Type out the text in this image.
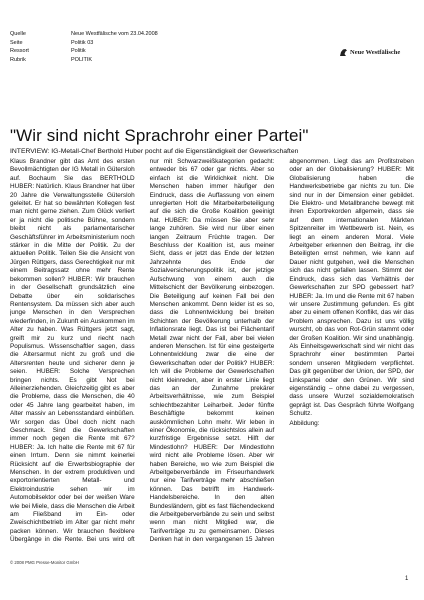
Quelle	Neue Westfälische vom 23.04.2008
Seite	Politik 03
Ressort	Politik
Rubrik	POLITIK
Neue Westfälische
"Wir sind nicht Sprachrohr einer Partei"

INTERVIEW: IG-Metall-Chef Berthold Huber pocht auf die Eigenständigkeit der Gewerkschaften

Klaus Brandner gibt das Amt des ersten Bevollmächtigten der IG Metall in Gütersloh auf. Bochaum Sie das BERTHOLD HUBER: Natürlich. Klaus Brandner hat über 20 Jahre die Verwaltungsstelle Gütersloh geleitet. Er hat so bewährten Kollegen fest man nicht gerne ziehen. Zum Glück verliert er ja nicht die politische Bühne, sondern bleibt nicht als parlamentarischer Geschäftsführer im Arbeitsministerium noch stärker in die Mitte der Politik. Zu der aktuellen Politik. Teilen Sie die Ansicht von Jürgen Rüttgers, dass Gerechtigkeit nur mit einem Beitragssatz ohne mehr Rente bekommen sollen? HUBER: Wir brauchen in der Gesellschaft grundsätzlich eine Debatte über ein solidarisches Rentensystem. Da müssen sich aber auch junge Menschen in den Versprechen wiederfinden, in Zukunft ein Auskommen im Alter zu haben. Was Rüttgers jetzt sagt, greift mir zu kurz und riecht nach Populismus. Wissenschaftler sagen, dass die Altersarmut nicht zu groß und die Altersrenten heute und sicherer denn je seien. HUBER: Solche Versprechen bringen nichts. Es gibt Not bei Alleinerziehenden. Gleichzeitig gibt es aber die Probleme, dass die Menschen, die 40 oder 45 Jahre lang gearbeitet haben, im Alter massiv an Lebensstandard einbüßen. Wir sorgen das Übel doch nicht nach Geschmack. Sind die Gewerkschaften immer noch gegen die Rente mit 67? HUBER: Ja. Ich halte die Rente mit 67 für einen Irrtum. Denn sie nimmt keinerlei Rücksicht auf die Erwerbsbiographie der Menschen. In der extrem produktiven und exportorientierten Metall- und Elektroindustrie sehen wir im Automobilsektor oder bei der weißen Ware wie bei Miele, dass die Menschen die Arbeit am Fließband im Ein- oder Zweischichtbetrieb im Alter gar nicht mehr packen können. Wir brauchen flexiblere Übergänge in die Rente. Bei uns wird oft nur mit Schwarzweißkategorien gedacht: entweder bis 67 oder gar nichts. Aber so einfach ist die Wirklichkeit nicht. Die Menschen haben immer häufiger den Eindruck, dass die Auffassung von einem unregierten Holt die Mitarbeiterbeteiligung auf die sich die Große Koalition geeinigt hat. HUBER: Da müssen Sie aber sehr lange zuhören. Sie wird nur über einen langen Zeitraum Früchte tragen. Der Beschluss der Koalition ist, aus meiner Sicht, dass er jetzt das Ende der letzten Jahrzehnte des Ende der Sozialversicherungspolitik ist, der jetzige Aufschwung von einem auch die Mittelschicht der Bevölkerung einbezogen. Die Beteiligung auf keinen Fall bei den Menschen ankommt. Denn leider ist es so, dass die Lohnentwicklung bei breiten Schichten der Bevölkerung unterhalb der Inflationsrate liegt. Das ist bei Flächentarif Metall zwar nicht der Fall, aber bei vielen anderen Menschen. Ist für eine gesteigerte Lohnentwicklung zwar die eine der Gewerkschaften oder der Politik? HUBER: Ich will die Probleme der Gewerkschaften nicht kleinreden, aber in erster Linie liegt das an der Zunahme prekärer Arbeitsverhältnisse, wie zum Beispiel schlechtbezahlter Leiharbeit. Jeder fünfte Beschäftigte bekommt keinen auskömmlichen Lohn mehr. Wir leben in einer Ökonomie, die rücksichtslos allein auf kurzfristige Ergebnisse setzt. Hilft der Mindestlohn? HUBER: Der Mindestlohn wird nicht alle Probleme lösen. Aber wir haben Bereiche, wo wie zum Beispiel die Arbeitgeberverbände im Friseurhandwerk nur eine Tarifverträge mehr abschließen können. Das betrifft im Handwerk-Handelsbereiche. In den alten Bundesländern, gibt es fast flächendeckend die Arbeitgeberverbände zu sein und selbst wenn man nicht Mitglied war, die Tarifverträge zu zu gemeinsamen. Dieses Denken hat in den vergangenen 15 Jahren abgenommen. Liegt das am Profitstreben oder an der Globalisierung? HUBER: Mit Globalisierung haben die Handwerksbetriebe gar nichts zu tun. Die sind nur in der Dimension einer gebildet. Die Elektro- und Metallbranche bewegt mit ihren Exportrekorden allgemein, dass sie auf dem internationalen Märkten Spitzenreiter im Wettbewerb ist. Nein, es liegt an einem anderen Moral. Viele Arbeitgeber erkennen den Beitrag, ihr die Beteiligten ernst nehmen, wie kann auf Dauer nicht gutgehen, weil die Menschen sich das nicht gefallen lassen. Stimmt der Eindruck, dass sich das Verhältnis der Gewerkschaften zur SPD gebessert hat? HUBER: Ja. Im und die Rente mit 67 haben wir unsere Zustimmung gefunden. Es gibt aber zu einem offenen Konflikt, das wir das Problem ansprechen. Dazu ist uns völlig wurscht, ob das von Rot-Grün stammt oder der Großen Koalition. Wir sind unabhängig. Als Einheitsgewerkschaft sind wir nicht das Sprachrohr einer bestimmten Partei sondern unseren Mitgliedern verpflichtet. Das gilt gegenüber der Union, der SPD, der Linkspartei oder den Grünen. Wir sind eigenständig – ohne dabei zu vergessen, dass unsere Wurzel sozialdemokratisch geprägt ist. Das Gespräch führte Wolfgang Schultz.

Abbildung:

© 2008 PMG Presse-Monitor GmbH
1
